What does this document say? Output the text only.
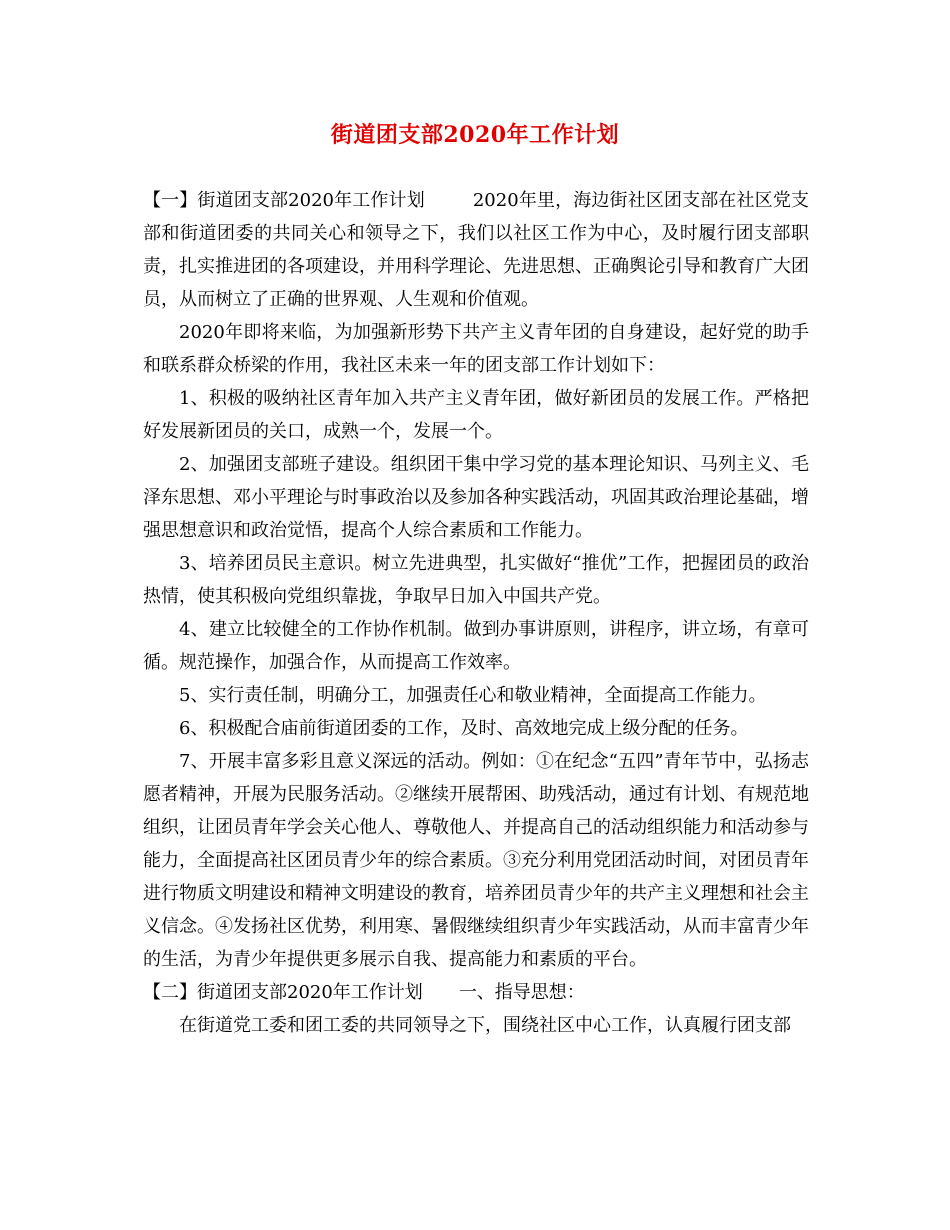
街道团支部2020年工作计划

【一】街道团支部2020年工作计划	2020年里，海边街社区团支部在社区党支部和街道团委的共同关心和领导之下，我们以社区工作为中心，及时履行团支部职责，扎实推进团的各项建设，并用科学理论、先进思想、正确舆论引导和教育广大团员，从而树立了正确的世界观、人生观和价值观。

2020年即将来临，为加强新形势下共产主义青年团的自身建设，起好党的助手和联系群众桥梁的作用，我社区未来一年的团支部工作计划如下：

1、积极的吸纳社区青年加入共产主义青年团，做好新团员的发展工作。严格把好发展新团员的关口，成熟一个，发展一个。

2、加强团支部班子建设。组织团干集中学习党的基本理论知识、马列主义、毛泽东思想、邓小平理论与时事政治以及参加各种实践活动，巩固其政治理论基础，增强思想意识和政治觉悟，提高个人综合素质和工作能力。

3、培养团员民主意识。树立先进典型，扎实做好“推优”工作，把握团员的政治热情，使其积极向党组织靠拢，争取早日加入中国共产党。

4、建立比较健全的工作协作机制。做到办事讲原则，讲程序，讲立场，有章可循。规范操作，加强合作，从而提高工作效率。

5、实行责任制，明确分工，加强责任心和敬业精神，全面提高工作能力。

6、积极配合庙前街道团委的工作，及时、高效地完成上级分配的任务。

7、开展丰富多彩且意义深远的活动。例如：①在纪念“五四”青年节中，弘扬志愿者精神，开展为民服务活动。②继续开展帮困、助残活动，通过有计划、有规范地组织，让团员青年学会关心他人、尊敬他人、并提高自己的活动组织能力和活动参与能力，全面提高社区团员青少年的综合素质。③充分利用党团活动时间，对团员青年进行物质文明建设和精神文明建设的教育，培养团员青少年的共产主义理想和社会主义信念。④发扬社区优势，利用寒、暑假继续组织青少年实践活动，从而丰富青少年的生活，为青少年提供更多展示自我、提高能力和素质的平台。

【二】街道团支部2020年工作计划 一、指导思想：

在街道党工委和团工委的共同领导之下，围绕社区中心工作，认真履行团支部
